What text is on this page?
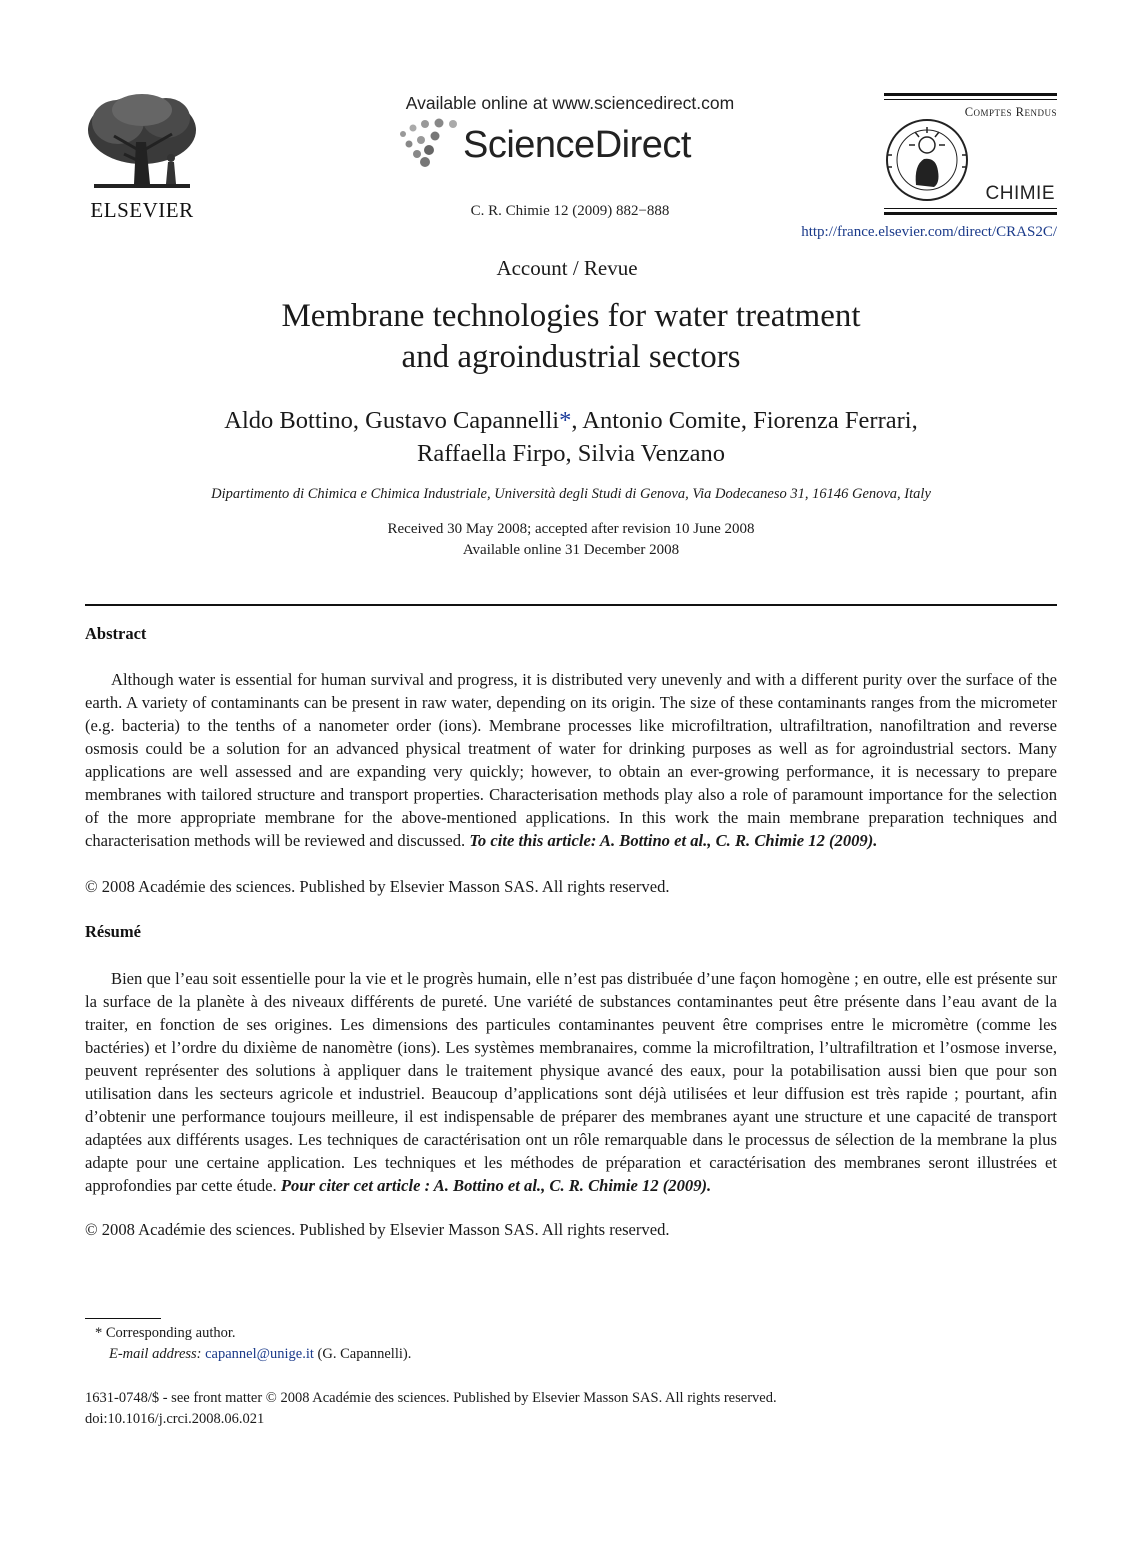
ELSEVIER
Available online at www.sciencedirect.com
ScienceDirect
C. R. Chimie 12 (2009) 882−888
Comptes Rendus
CHIMIE
http://france.elsevier.com/direct/CRAS2C/
Account / Revue
Membrane technologies for water treatment
and agroindustrial sectors
Aldo Bottino, Gustavo Capannelli*, Antonio Comite, Fiorenza Ferrari,
Raffaella Firpo, Silvia Venzano
Dipartimento di Chimica e Chimica Industriale, Università degli Studi di Genova, Via Dodecaneso 31, 16146 Genova, Italy
Received 30 May 2008; accepted after revision 10 June 2008
Available online 31 December 2008
Abstract
Although water is essential for human survival and progress, it is distributed very unevenly and with a different purity over the surface of the earth. A variety of contaminants can be present in raw water, depending on its origin. The size of these contaminants ranges from the micrometer (e.g. bacteria) to the tenths of a nanometer order (ions). Membrane processes like microfiltration, ultrafiltration, nanofiltration and reverse osmosis could be a solution for an advanced physical treatment of water for drinking purposes as well as for agroindustrial sectors. Many applications are well assessed and are expanding very quickly; however, to obtain an ever-growing performance, it is necessary to prepare membranes with tailored structure and transport properties. Characterisation methods play also a role of paramount importance for the selection of the more appropriate membrane for the above-mentioned applications. In this work the main membrane preparation techniques and characterisation methods will be reviewed and discussed. To cite this article: A. Bottino et al., C. R. Chimie 12 (2009).
© 2008 Académie des sciences. Published by Elsevier Masson SAS. All rights reserved.
Résumé
Bien que l’eau soit essentielle pour la vie et le progrès humain, elle n’est pas distribuée d’une façon homogène ; en outre, elle est présente sur la surface de la planète à des niveaux différents de pureté. Une variété de substances contaminantes peut être présente dans l’eau avant de la traiter, en fonction de ses origines. Les dimensions des particules contaminantes peuvent être comprises entre le micromètre (comme les bactéries) et l’ordre du dixième de nanomètre (ions). Les systèmes membranaires, comme la microfiltration, l’ultrafiltration et l’osmose inverse, peuvent représenter des solutions à appliquer dans le traitement physique avancé des eaux, pour la potabilisation aussi bien que pour son utilisation dans les secteurs agricole et industriel. Beaucoup d’applications sont déjà utilisées et leur diffusion est très rapide ; pourtant, afin d’obtenir une performance toujours meilleure, il est indispensable de préparer des membranes ayant une structure et une capacité de transport adaptées aux différents usages. Les techniques de caractérisation ont un rôle remarquable dans le processus de sélection de la membrane la plus adapte pour une certaine application. Les techniques et les méthodes de préparation et caractérisation des membranes seront illustrées et approfondies par cette étude. Pour citer cet article : A. Bottino et al., C. R. Chimie 12 (2009).
© 2008 Académie des sciences. Published by Elsevier Masson SAS. All rights reserved.
* Corresponding author.
E-mail address: capannel@unige.it (G. Capannelli).
1631-0748/$ - see front matter © 2008 Académie des sciences. Published by Elsevier Masson SAS. All rights reserved.
doi:10.1016/j.crci.2008.06.021
